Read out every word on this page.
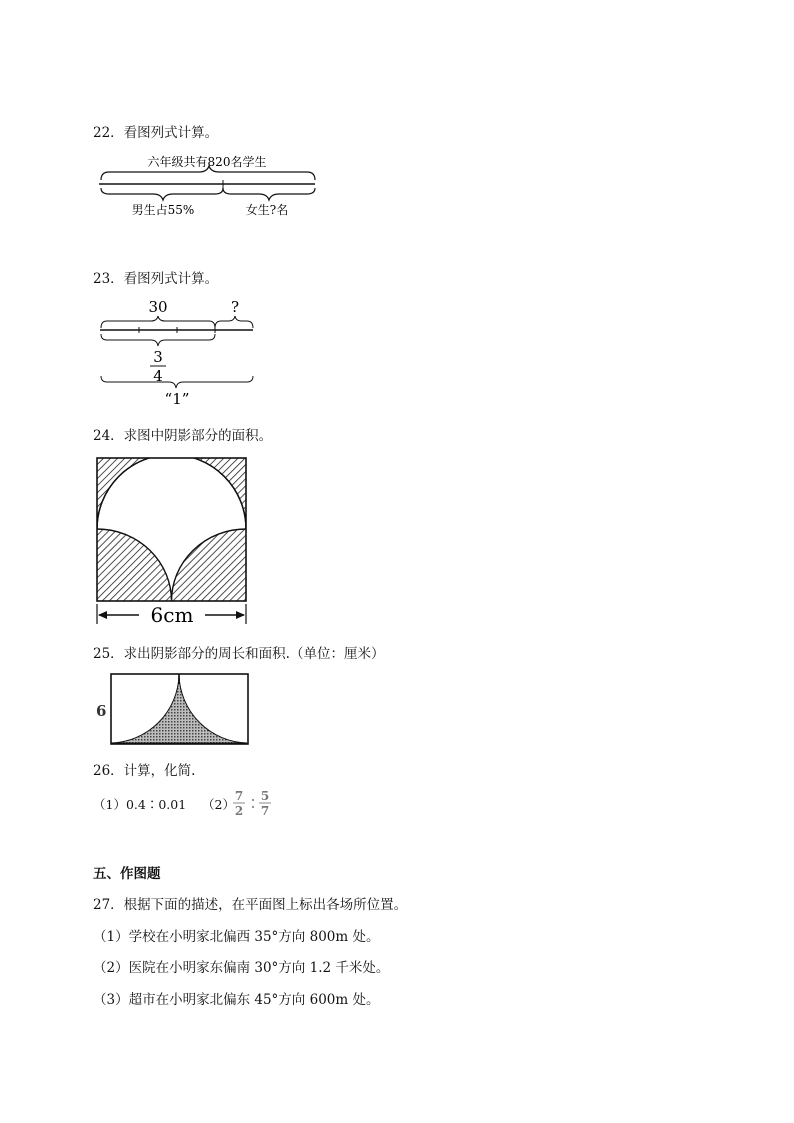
22．看图列式计算。
六年级共有820名学生
男生占55%	女生?名
23．看图列式计算。
30	?
3
4
“1”
24．求图中阴影部分的面积。
6cm
25．求出阴影部分的周长和面积.（单位：厘米）
6
26．计算，化简.
（1）0.4∶0.01 （2）
7
2
5
7
五、作图题
27．根据下面的描述，在平面图上标出各场所位置。
（1）学校在小明家北偏西 35°方向 800m 处。
（2）医院在小明家东偏南 30°方向 1.2 千米处。
（3）超市在小明家北偏东 45°方向 600m 处。
